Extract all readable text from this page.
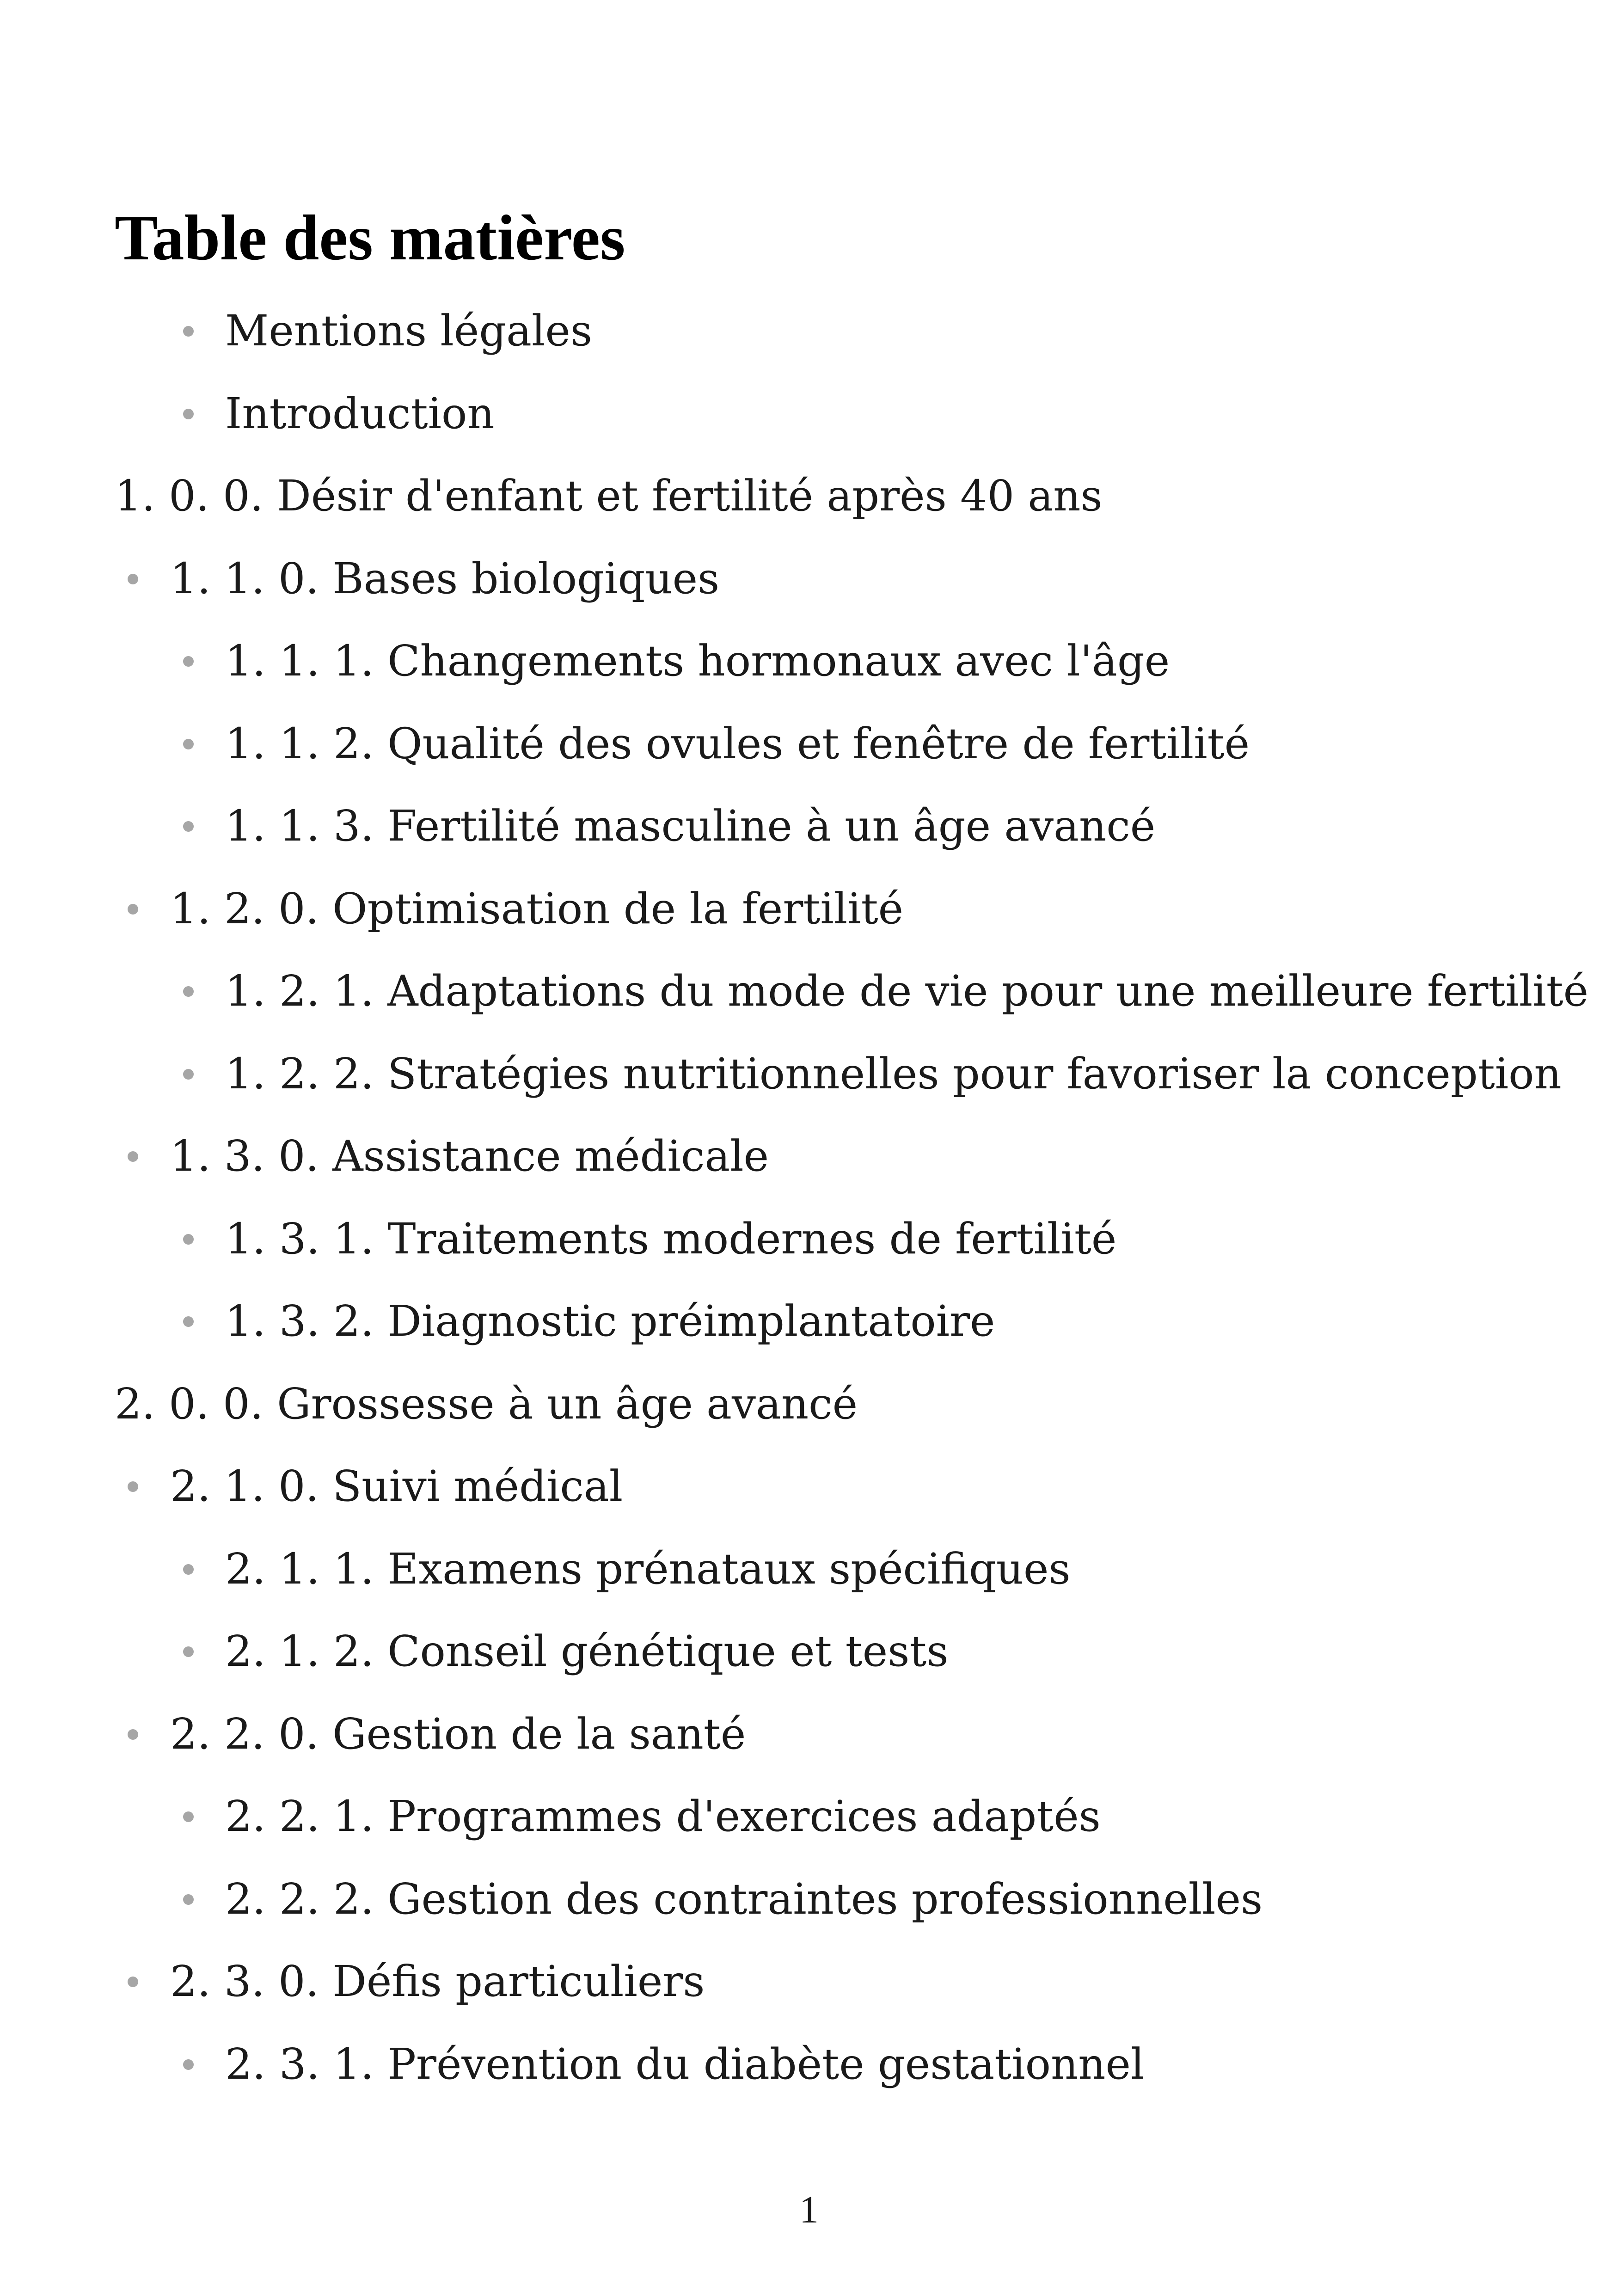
Table des matières
Mentions légales
Introduction
1. 0. 0. Désir d'enfant et fertilité après 40 ans
1. 1. 0. Bases biologiques
1. 1. 1. Changements hormonaux avec l'âge
1. 1. 2. Qualité des ovules et fenêtre de fertilité
1. 1. 3. Fertilité masculine à un âge avancé
1. 2. 0. Optimisation de la fertilité
1. 2. 1. Adaptations du mode de vie pour une meilleure fertilité
1. 2. 2. Stratégies nutritionnelles pour favoriser la conception
1. 3. 0. Assistance médicale
1. 3. 1. Traitements modernes de fertilité
1. 3. 2. Diagnostic préimplantatoire
2. 0. 0. Grossesse à un âge avancé
2. 1. 0. Suivi médical
2. 1. 1. Examens prénataux spécifiques
2. 1. 2. Conseil génétique et tests
2. 2. 0. Gestion de la santé
2. 2. 1. Programmes d'exercices adaptés
2. 2. 2. Gestion des contraintes professionnelles
2. 3. 0. Défis particuliers
2. 3. 1. Prévention du diabète gestationnel
1
